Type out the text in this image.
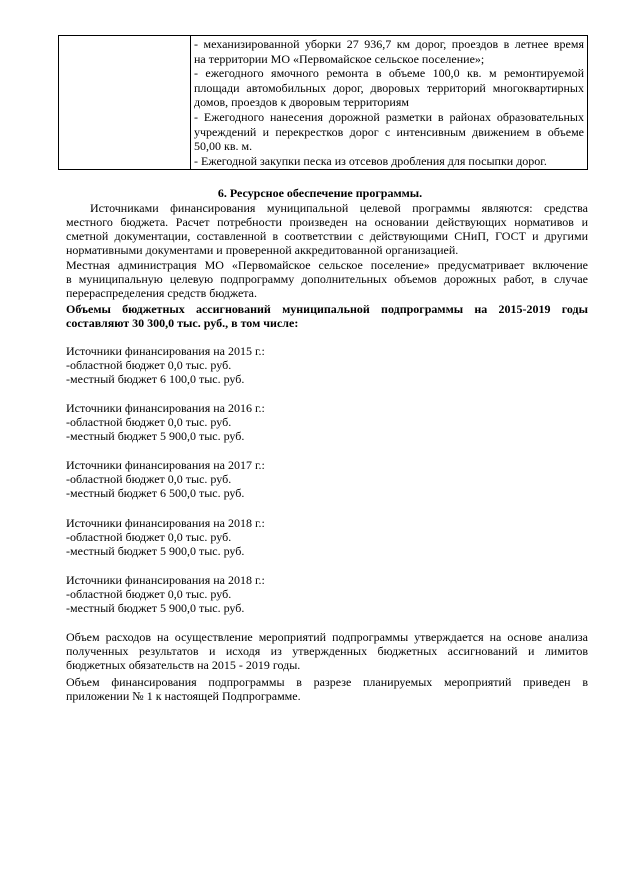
- механизированной уборки 27 936,7 км дорог, проездов в летнее время
на территории МО «Первомайское сельское поселение»;
- ежегодного ямочного ремонта в объеме 100,0 кв. м ремонтируемой
площади автомобильных дорог, дворовых территорий многоквартирных
домов, проездов к дворовым территориям
- Ежегодного нанесения дорожной разметки в районах образовательных
учреждений и перекрестков дорог с интенсивным движением в объеме
50,00 кв. м.
- Ежегодной закупки песка из отсевов дробления для посыпки дорог.
6. Ресурсное обеспечение программы.
Источниками финансирования муниципальной целевой программы являются: средства
местного бюджета. Расчет потребности произведен на основании действующих нормативов и
сметной документации, составленной в соответствии с действующими СНиП, ГОСТ и другими
нормативными документами и проверенной аккредитованной организацией.
Местная администрация МО «Первомайское сельское поселение» предусматривает включение
в муниципальную целевую подпрограмму дополнительных объемов дорожных работ, в случае
перераспределения средств бюджета.
Объемы бюджетных ассигнований муниципальной подпрограммы на 2015-2019 годы
составляют 30 300,0 тыс. руб., в том числе:
Источники финансирования на 2015 г.:
-областной бюджет 0,0 тыс. руб.
-местный бюджет 6 100,0 тыс. руб.
Источники финансирования на 2016 г.:
-областной бюджет 0,0 тыс. руб.
-местный бюджет 5 900,0 тыс. руб.
Источники финансирования на 2017 г.:
-областной бюджет 0,0 тыс. руб.
-местный бюджет 6 500,0 тыс. руб.
Источники финансирования на 2018 г.:
-областной бюджет 0,0 тыс. руб.
-местный бюджет 5 900,0 тыс. руб.
Источники финансирования на 2018 г.:
-областной бюджет 0,0 тыс. руб.
-местный бюджет 5 900,0 тыс. руб.
Объем расходов на осуществление мероприятий подпрограммы утверждается на основе анализа
полученных результатов и исходя из утвержденных бюджетных ассигнований и лимитов
бюджетных обязательств на 2015 - 2019 годы.
Объем финансирования подпрограммы в разрезе планируемых мероприятий приведен в
приложении № 1 к настоящей Подпрограмме.
